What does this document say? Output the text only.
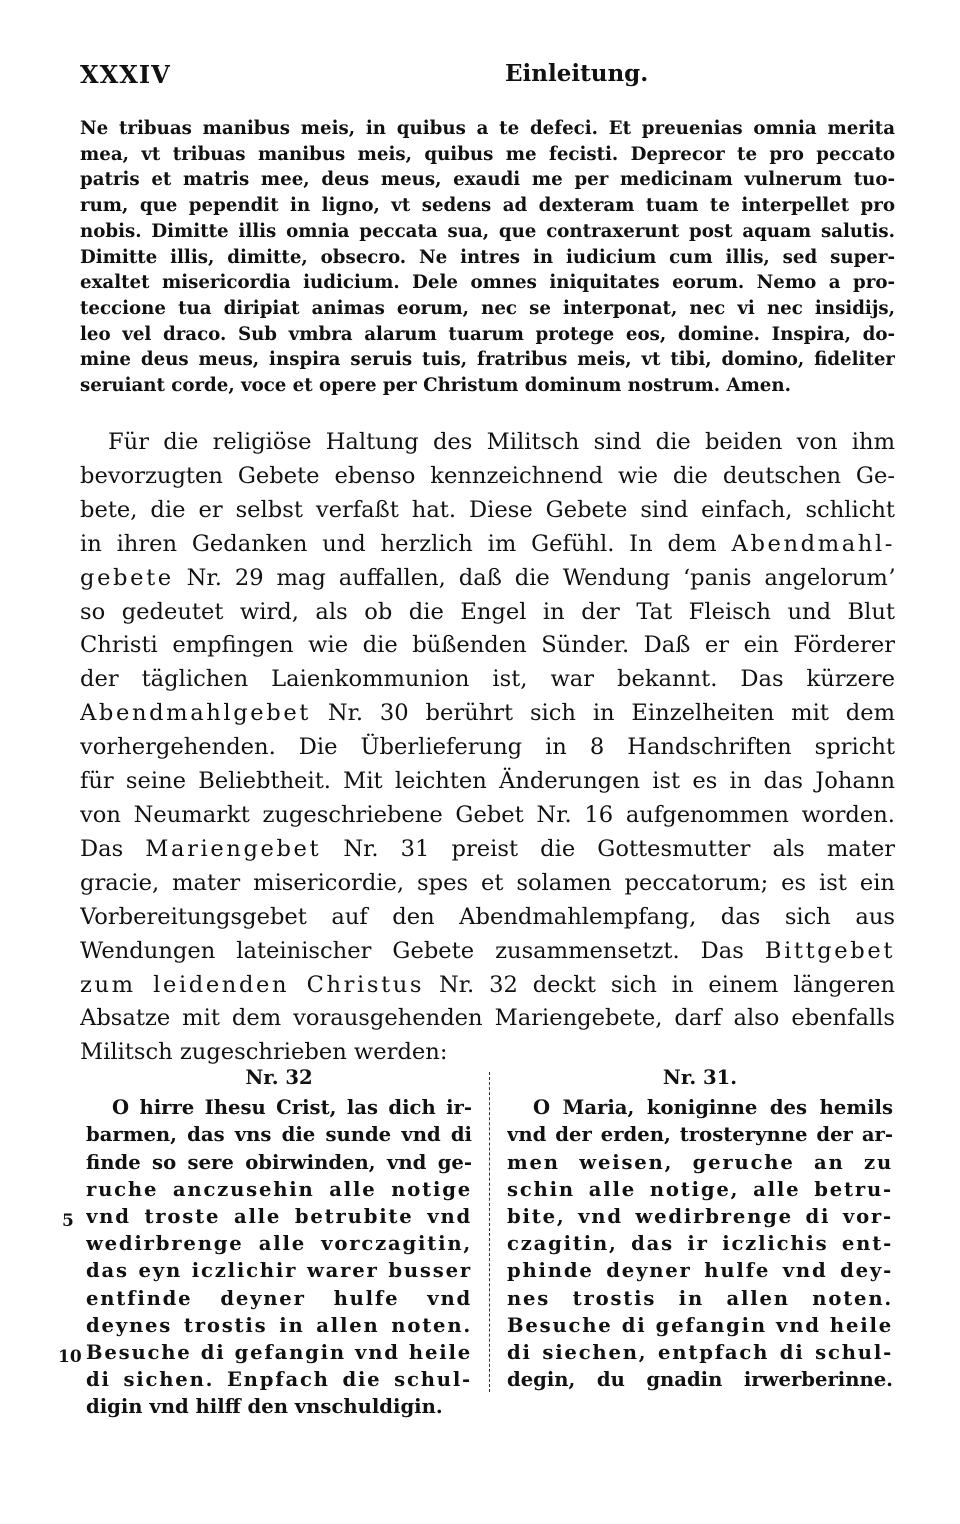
XXXIV	Einleitung.
Ne tribuas manibus meis, in quibus a te defeci. Et preuenias omnia merita
mea, vt tribuas manibus meis, quibus me fecisti. Deprecor te pro peccato
patris et matris mee, deus meus, exaudi me per medicinam vulnerum tuo-
rum, que pependit in ligno, vt sedens ad dexteram tuam te interpellet pro
nobis. Dimitte illis omnia peccata sua, que contraxerunt post aquam salutis.
Dimitte illis, dimitte, obsecro. Ne intres in iudicium cum illis, sed super-
exaltet misericordia iudicium. Dele omnes iniquitates eorum. Nemo a pro-
teccione tua diripiat animas eorum, nec se interponat, nec vi nec insidijs,
leo vel draco. Sub vmbra alarum tuarum protege eos, domine. Inspira, do-
mine deus meus, inspira seruis tuis, fratribus meis, vt tibi, domino, fideliter
seruiant corde, voce et opere per Christum dominum nostrum. Amen.
Für die religiöse Haltung des Militsch sind die beiden von ihm
bevorzugten Gebete ebenso kennzeichnend wie die deutschen Ge-
bete, die er selbst verfaßt hat. Diese Gebete sind einfach, schlicht
in ihren Gedanken und herzlich im Gefühl. In dem Abendmahl-
gebete Nr. 29 mag auffallen, daß die Wendung ʻpanis angelorumʼ
so gedeutet wird, als ob die Engel in der Tat Fleisch und Blut
Christi empfingen wie die büßenden Sünder. Daß er ein Förderer
der täglichen Laienkommunion ist, war bekannt. Das kürzere
Abendmahlgebet Nr. 30 berührt sich in Einzelheiten mit dem
vorhergehenden. Die Überlieferung in 8 Handschriften spricht
für seine Beliebtheit. Mit leichten Änderungen ist es in das Johann
von Neumarkt zugeschriebene Gebet Nr. 16 aufgenommen worden.
Das Mariengebet Nr. 31 preist die Gottesmutter als mater
gracie, mater misericordie, spes et solamen peccatorum; es ist ein
Vorbereitungsgebet auf den Abendmahlempfang, das sich aus
Wendungen lateinischer Gebete zusammensetzt. Das Bittgebet
zum leidenden Christus Nr. 32 deckt sich in einem längeren
Absatze mit dem vorausgehenden Mariengebete, darf also ebenfalls
Militsch zugeschrieben werden:
Nr. 32
O hirre Ihesu Crist, las dich ir-
barmen, das vns die sunde vnd di
finde so sere obirwinden, vnd ge-
ruche anczusehin alle notige
vnd troste alle betrubite vnd
wedirbrenge alle vorczagitin,
das eyn iczlichir warer busser
entfinde deyner hulfe vnd
deynes trostis in allen noten.
Besuche di gefangin vnd heile
di sichen. Enpfach die schul-
digin vnd hilff den vnschuldigin.
5
10
Nr. 31.
O Maria, koniginne des hemils
vnd der erden, trosterynne der ar-
men weisen, geruche an zu
schin alle notige, alle betru-
bite, vnd wedirbrenge di vor-
czagitin, das ir iczlichis ent-
phinde deyner hulfe vnd dey-
nes trostis in allen noten.
Besuche di gefangin vnd heile
di siechen, entpfach di schul-
degin, du gnadin irwerberinne.
